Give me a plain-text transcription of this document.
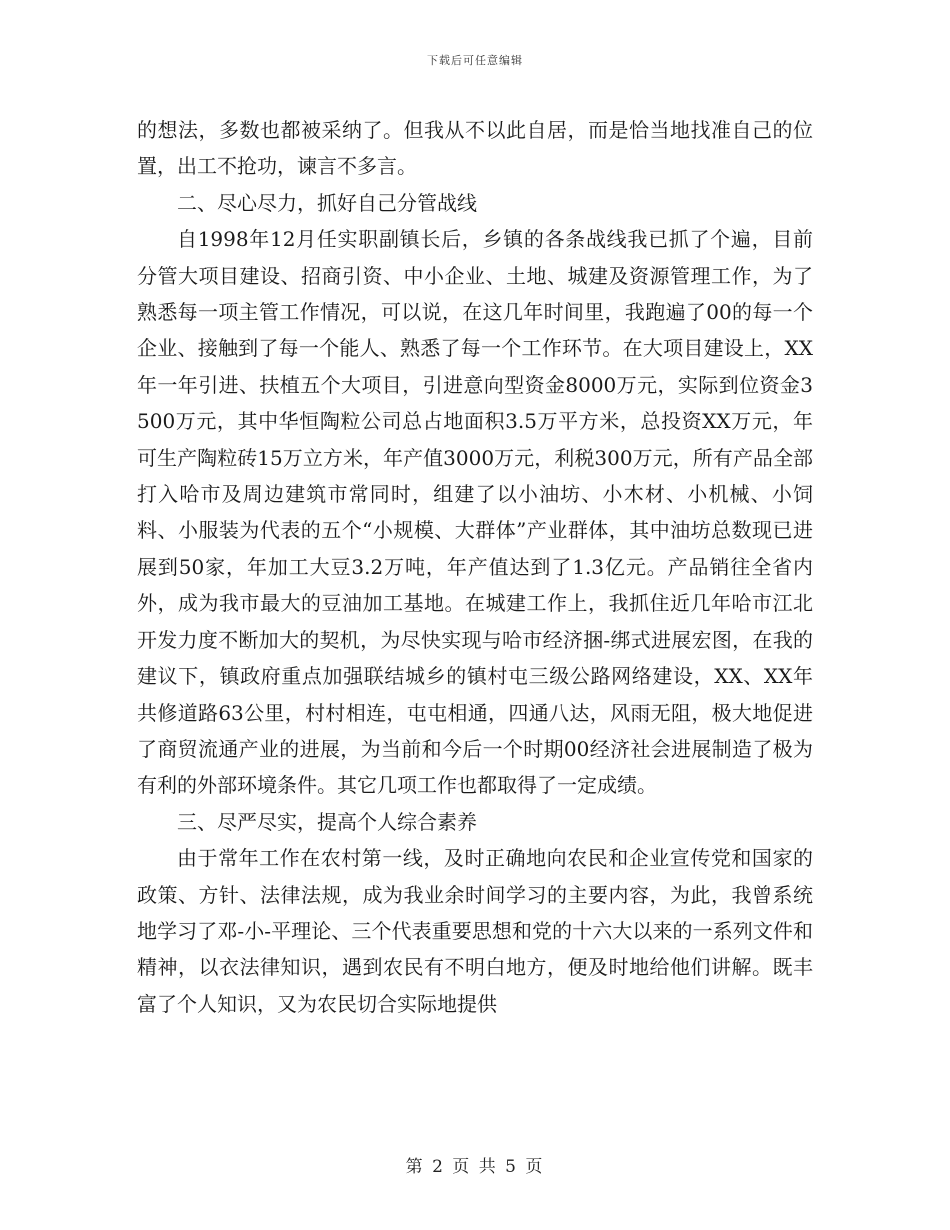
下载后可任意编辑

的想法，多数也都被采纳了。但我从不以此自居，而是恰当地找准自己的位置，出工不抢功，谏言不多言。

二、尽心尽力，抓好自己分管战线

自1998年12月任实职副镇长后，乡镇的各条战线我已抓了个遍，目前分管大项目建设、招商引资、中小企业、土地、城建及资源管理工作，为了熟悉每一项主管工作情况，可以说，在这几年时间里，我跑遍了00的每一个企业、接触到了每一个能人、熟悉了每一个工作环节。在大项目建设上，XX年一年引进、扶植五个大项目，引进意向型资金8000万元，实际到位资金3500万元，其中华恒陶粒公司总占地面积3.5万平方米，总投资XX万元，年可生产陶粒砖15万立方米，年产值3000万元，利税300万元，所有产品全部打入哈市及周边建筑市常同时，组建了以小油坊、小木材、小机械、小饲料、小服装为代表的五个“小规模、大群体”产业群体，其中油坊总数现已进展到50家，年加工大豆3.2万吨，年产值达到了1.3亿元。产品销往全省内外，成为我市最大的豆油加工基地。在城建工作上，我抓住近几年哈市江北开发力度不断加大的契机，为尽快实现与哈市经济捆-绑式进展宏图，在我的建议下，镇政府重点加强联结城乡的镇村屯三级公路网络建设，XX、XX年共修道路63公里，村村相连，屯屯相通，四通八达，风雨无阻，极大地促进了商贸流通产业的进展，为当前和今后一个时期00经济社会进展制造了极为有利的外部环境条件。其它几项工作也都取得了一定成绩。

三、尽严尽实，提高个人综合素养

由于常年工作在农村第一线，及时正确地向农民和企业宣传党和国家的政策、方针、法律法规，成为我业余时间学习的主要内容，为此，我曾系统地学习了邓-小-平理论、三个代表重要思想和党的十六大以来的一系列文件和精神，以衣法律知识，遇到农民有不明白地方，便及时地给他们讲解。既丰富了个人知识，又为农民切合实际地提供

第 2 页 共 5 页
